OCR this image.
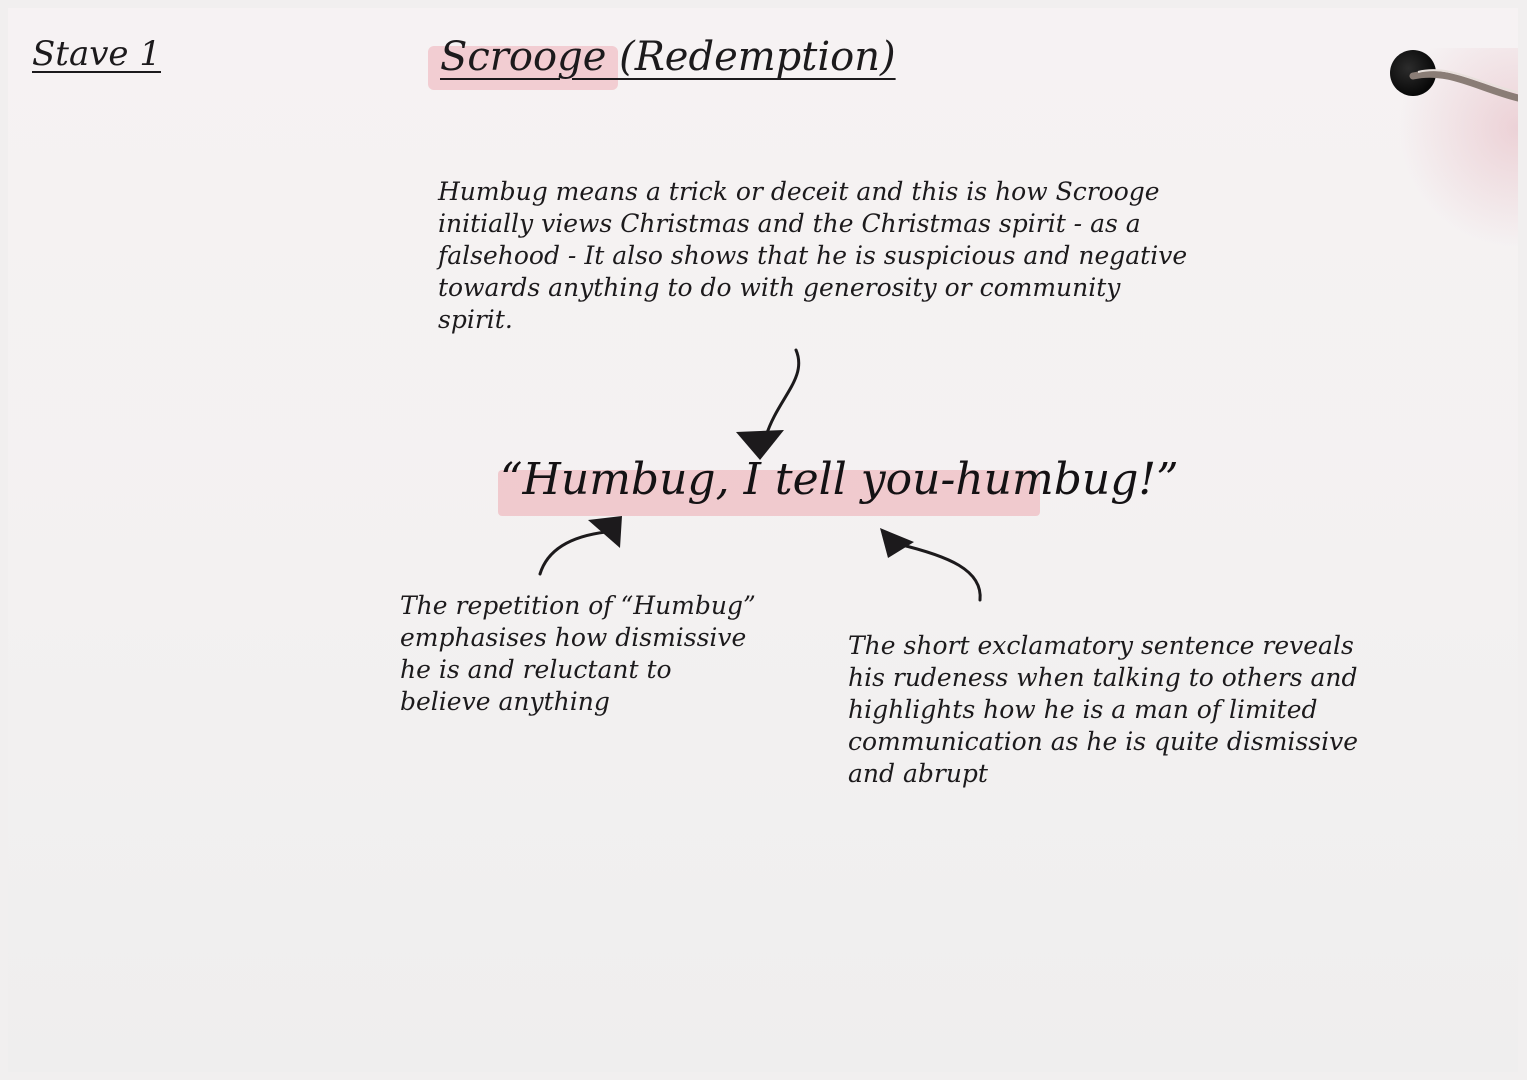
Stave 1	Scrooge (Redemption)

Humbug means a trick or deceit and this is how Scrooge initially views Christmas and the Christmas spirit - as a falsehood - It also shows that he is suspicious and negative towards anything to do with generosity or community spirit.

“Humbug, I tell you-humbug!”

The repetition of “Humbug” emphasises how dismissive he is and reluctant to believe anything

The short exclamatory sentence reveals his rudeness when talking to others and highlights how he is a man of limited communication as he is quite dismissive and abrupt
